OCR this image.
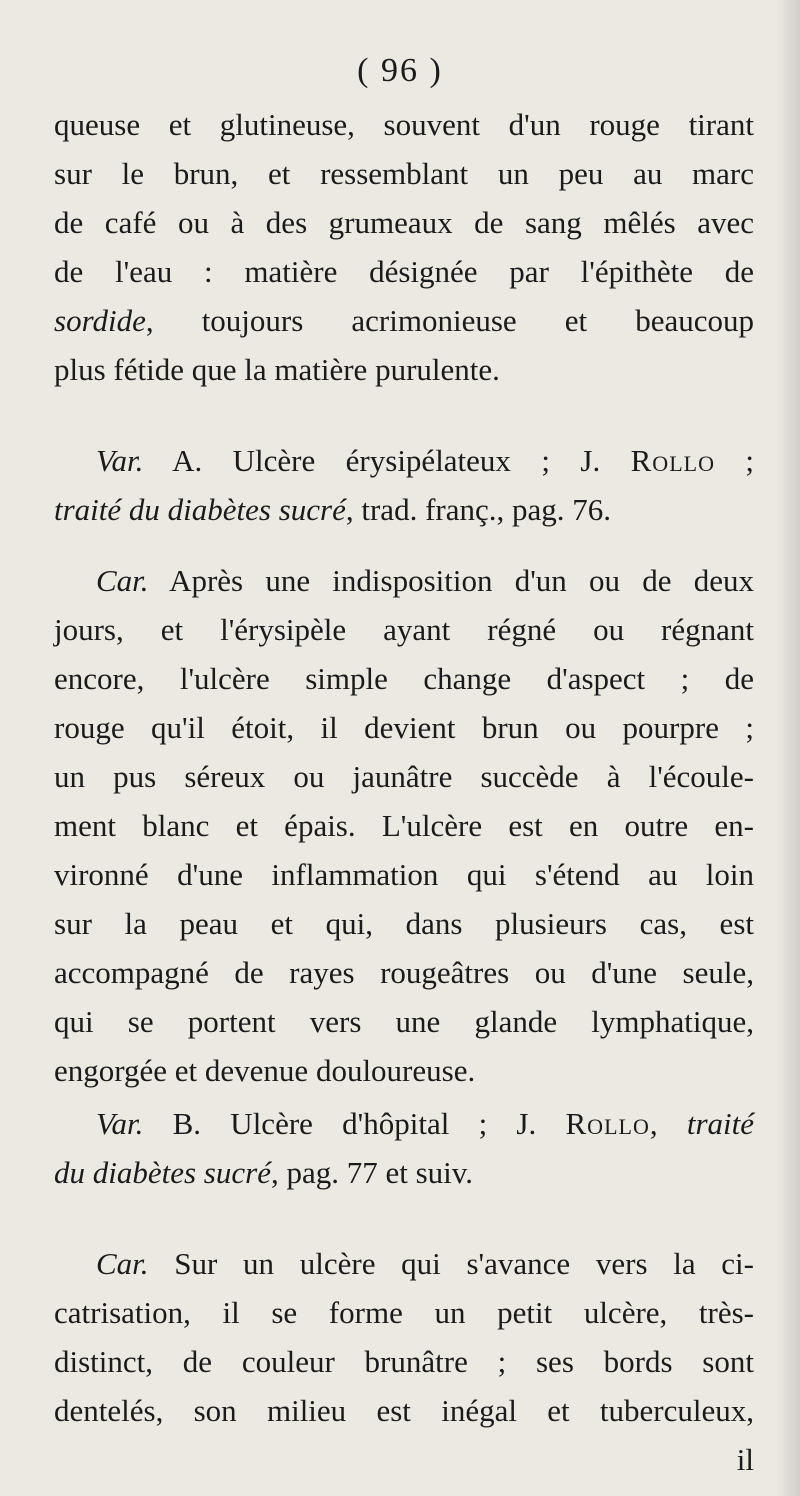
( 96 )
queuse et glutineuse, souvent d'un rouge tirant
sur le brun, et ressemblant un peu au marc
de café ou à des grumeaux de sang mêlés avec
de l'eau : matière désignée par l'épithète de
sordide, toujours acrimonieuse et beaucoup
plus fétide que la matière purulente.
Var. A. Ulcère érysipélateux ; J. Rollo ;
traité du diabètes sucré, trad. franç., pag. 76.
Car. Après une indisposition d'un ou de deux
jours, et l'érysipèle ayant régné ou régnant
encore, l'ulcère simple change d'aspect ; de
rouge qu'il étoit, il devient brun ou pourpre ;
un pus séreux ou jaunâtre succède à l'écoule-
ment blanc et épais. L'ulcère est en outre en-
vironné d'une inflammation qui s'étend au loin
sur la peau et qui, dans plusieurs cas, est
accompagné de rayes rougeâtres ou d'une seule,
qui se portent vers une glande lymphatique,
engorgée et devenue douloureuse.
Var. B. Ulcère d'hôpital ; J. Rollo, traité
du diabètes sucré, pag. 77 et suiv.
Car. Sur un ulcère qui s'avance vers la ci-
catrisation, il se forme un petit ulcère, très-
distinct, de couleur brunâtre ; ses bords sont
dentelés, son milieu est inégal et tuberculeux,
il
